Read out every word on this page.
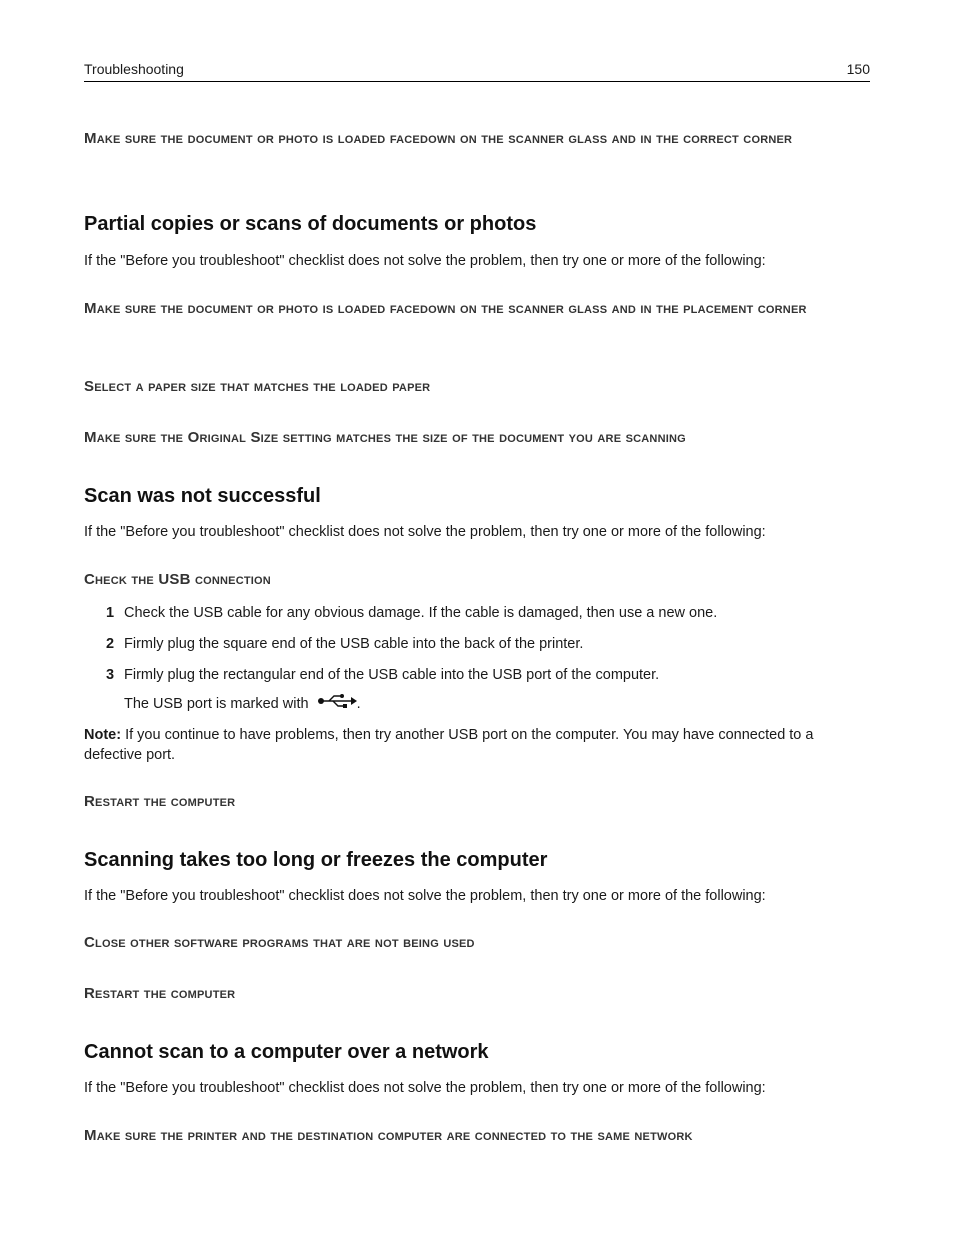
Troubleshooting	150

Make sure the document or photo is loaded facedown on the scanner glass and in the correct corner

Partial copies or scans of documents or photos

If the "Before you troubleshoot" checklist does not solve the problem, then try one or more of the following:

Make sure the document or photo is loaded facedown on the scanner glass and in the placement corner

Select a paper size that matches the loaded paper

Make sure the Original Size setting matches the size of the document you are scanning

Scan was not successful

If the "Before you troubleshoot" checklist does not solve the problem, then try one or more of the following:

Check the USB connection

1 Check the USB cable for any obvious damage. If the cable is damaged, then use a new one.
2 Firmly plug the square end of the USB cable into the back of the printer.
3 Firmly plug the rectangular end of the USB cable into the USB port of the computer.

The USB port is marked with	.

Note: If you continue to have problems, then try another USB port on the computer. You may have connected to a defective port.

Restart the computer

Scanning takes too long or freezes the computer

If the "Before you troubleshoot" checklist does not solve the problem, then try one or more of the following:

Close other software programs that are not being used

Restart the computer

Cannot scan to a computer over a network

If the "Before you troubleshoot" checklist does not solve the problem, then try one or more of the following:

Make sure the printer and the destination computer are connected to the same network
